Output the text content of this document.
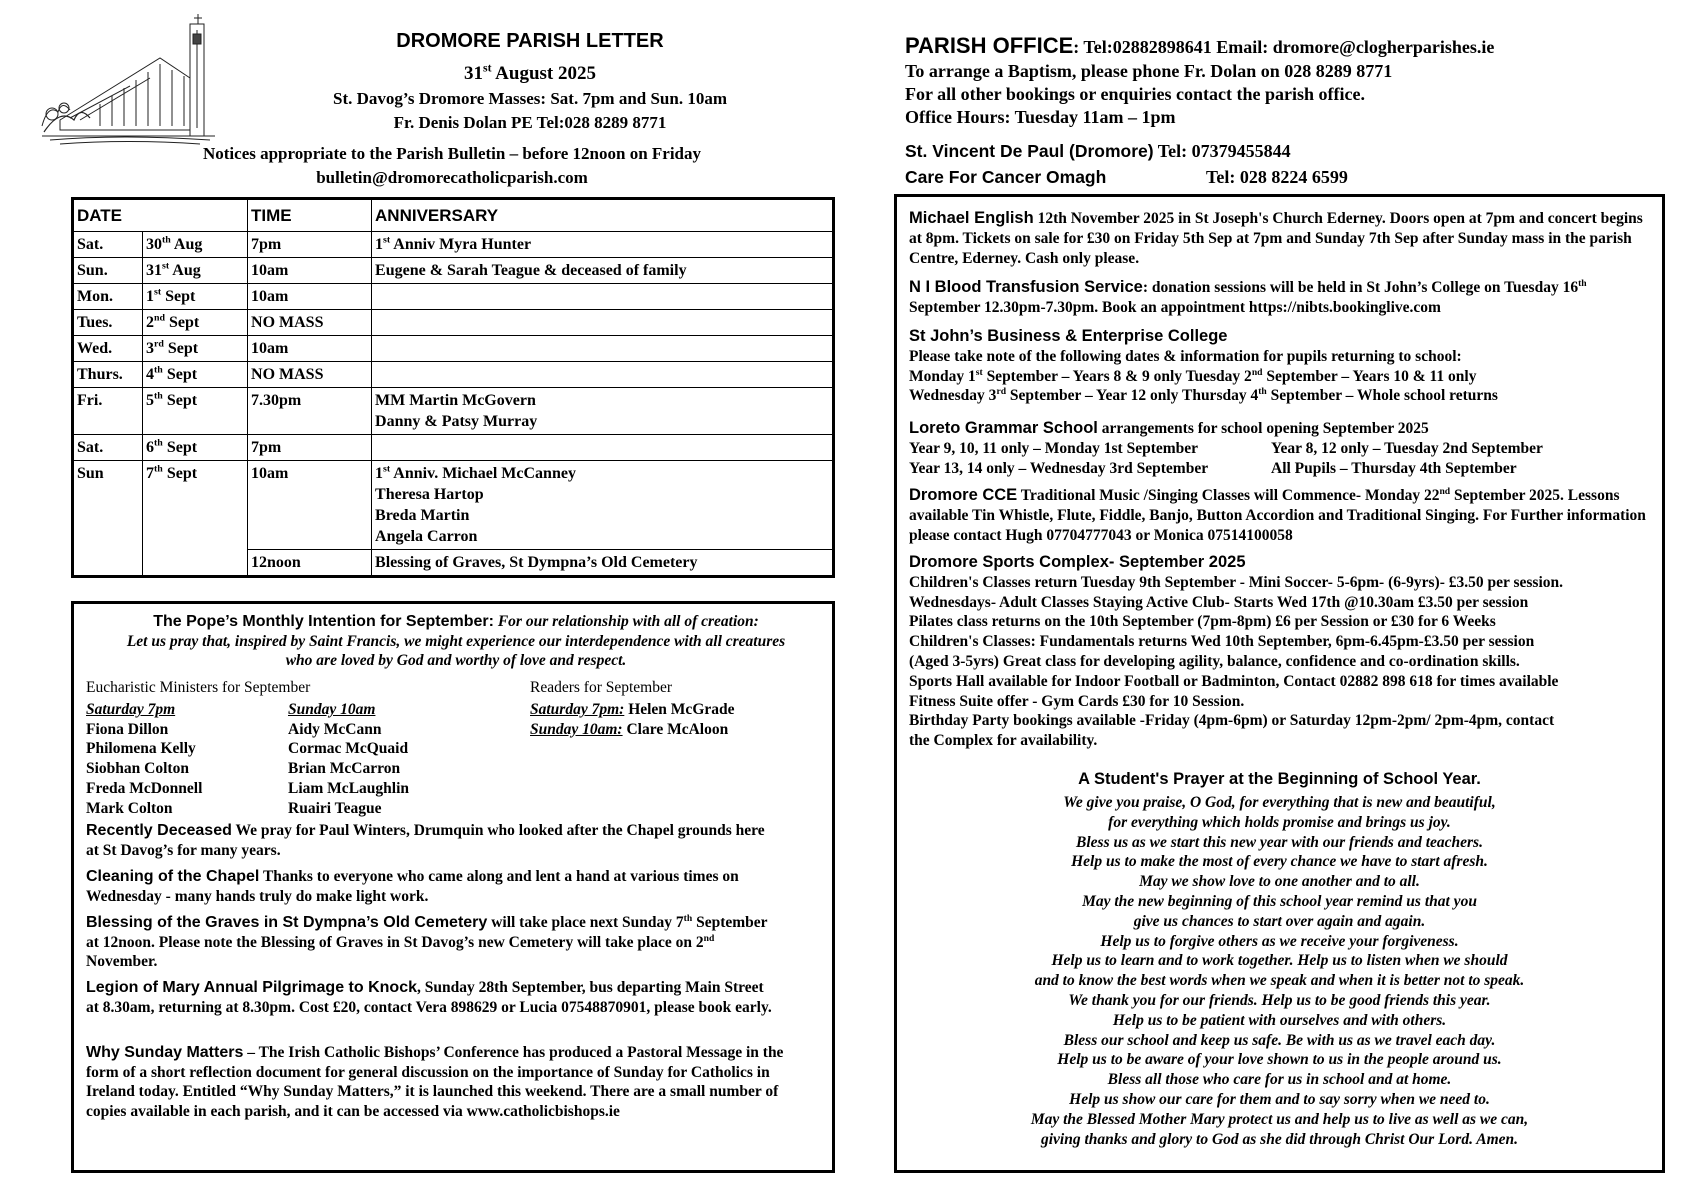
DROMORE PARISH LETTER
31st August 2025
St. Davog’s Dromore Masses: Sat. 7pm and Sun. 10am
Fr. Denis Dolan PE Tel:028 8289 8771
Notices appropriate to the Parish Bulletin – before 12noon on Friday
bulletin@dromorecatholicparish.com
DATE		TIME	ANNIVERSARY
Sat.	30th Aug	7pm	1st Anniv Myra Hunter
Sun.	31st Aug	10am	Eugene & Sarah Teague & deceased of family
Mon.	1st Sept	10am	
Tues.	2nd Sept	NO MASS	
Wed.	3rd Sept	10am	
Thurs.	4th Sept	NO MASS	
Fri.	5th Sept	7.30pm	MM Martin McGovern
Danny & Patsy Murray

Sat.	6th Sept	7pm	
Sun	7th Sept	10am	1st Anniv. Michael McCanney
Theresa Hartop
Breda Martin
Angela Carron

		12noon	Blessing of Graves, St Dympna’s Old Cemetery
The Pope’s Monthly Intention for September: For our relationship with all of creation:
Let us pray that, inspired by Saint Francis, we might experience our interdependence with all creatures
who are loved by God and worthy of love and respect.
Eucharistic Ministers for September
Saturday 7pm
Fiona Dillon
Philomena Kelly
Siobhan Colton
Freda McDonnell
Mark Colton
Sunday 10am
Aidy McCann
Cormac McQuaid
Brian McCarron
Liam McLaughlin
Ruairi Teague
Readers for September
Saturday 7pm: Helen McGrade
Sunday 10am: Clare McAloon
Recently Deceased We pray for Paul Winters, Drumquin who looked after the Chapel grounds here at St Davog’s for many years.
Cleaning of the Chapel Thanks to everyone who came along and lent a hand at various times on Wednesday - many hands truly do make light work.
Blessing of the Graves in St Dympna’s Old Cemetery will take place next Sunday 7th September at 12noon. Please note the Blessing of Graves in St Davog’s new Cemetery will take place on 2nd November.
Legion of Mary Annual Pilgrimage to Knock, Sunday 28th September, bus departing Main Street at 8.30am, returning at 8.30pm. Cost £20, contact Vera 898629 or Lucia 07548870901, please book early.
Why Sunday Matters – The Irish Catholic Bishops’ Conference has produced a Pastoral Message in the form of a short reflection document for general discussion on the importance of Sunday for Catholics in Ireland today. Entitled “Why Sunday Matters,” it is launched this weekend. There are a small number of copies available in each parish, and it can be accessed via www.catholicbishops.ie
PARISH OFFICE: Tel:02882898641 Email: dromore@clogherparishes.ie
To arrange a Baptism, please phone Fr. Dolan on 028 8289 8771
For all other bookings or enquiries contact the parish office.
Office Hours: Tuesday 11am – 1pm
St. Vincent De Paul (Dromore) Tel: 07379455844
Care For Cancer Omagh	Tel: 028 8224 6599
Michael English 12th November 2025 in St Joseph's Church Ederney. Doors open at 7pm and concert begins at 8pm. Tickets on sale for £30 on Friday 5th Sep at 7pm and Sunday 7th Sep after Sunday mass in the parish Centre, Ederney. Cash only please.
N I Blood Transfusion Service: donation sessions will be held in St John’s College on Tuesday 16th September 12.30pm-7.30pm. Book an appointment https://nibts.bookinglive.com
St John’s Business & Enterprise College
Please take note of the following dates & information for pupils returning to school:
Monday 1st September – Years 8 & 9 only Tuesday 2nd September – Years 10 & 11 only
Wednesday 3rd September – Year 12 only Thursday 4th September – Whole school returns
Loreto Grammar School arrangements for school opening September 2025
Year 9, 10, 11 only – Monday 1st September	Year 8, 12 only – Tuesday 2nd September
Year 13, 14 only – Wednesday 3rd September	All Pupils – Thursday 4th September
Dromore CCE Traditional Music /Singing Classes will Commence- Monday 22nd September 2025. Lessons available Tin Whistle, Flute, Fiddle, Banjo, Button Accordion and Traditional Singing. For Further information please contact Hugh 07704777043 or Monica 07514100058
Dromore Sports Complex- September 2025
Children's Classes return Tuesday 9th September - Mini Soccer- 5-6pm- (6-9yrs)- £3.50 per session.
Wednesdays- Adult Classes Staying Active Club- Starts Wed 17th @10.30am £3.50 per session
Pilates class returns on the 10th September (7pm-8pm) £6 per Session or £30 for 6 Weeks
Children's Classes: Fundamentals returns Wed 10th September, 6pm-6.45pm-£3.50 per session
(Aged 3-5yrs) Great class for developing agility, balance, confidence and co-ordination skills.
Sports Hall available for Indoor Football or Badminton, Contact 02882 898 618 for times available
Fitness Suite offer - Gym Cards £30 for 10 Session.
Birthday Party bookings available -Friday (4pm-6pm) or Saturday 12pm-2pm/ 2pm-4pm, contact
the Complex for availability.
A Student's Prayer at the Beginning of School Year.
We give you praise, O God, for everything that is new and beautiful,
for everything which holds promise and brings us joy.
Bless us as we start this new year with our friends and teachers.
Help us to make the most of every chance we have to start afresh.
May we show love to one another and to all.
May the new beginning of this school year remind us that you
give us chances to start over again and again.
Help us to forgive others as we receive your forgiveness.
Help us to learn and to work together. Help us to listen when we should
and to know the best words when we speak and when it is better not to speak.
We thank you for our friends. Help us to be good friends this year.
Help us to be patient with ourselves and with others.
Bless our school and keep us safe. Be with us as we travel each day.
Help us to be aware of your love shown to us in the people around us.
Bless all those who care for us in school and at home.
Help us show our care for them and to say sorry when we need to.
May the Blessed Mother Mary protect us and help us to live as well as we can,
giving thanks and glory to God as she did through Christ Our Lord. Amen.
